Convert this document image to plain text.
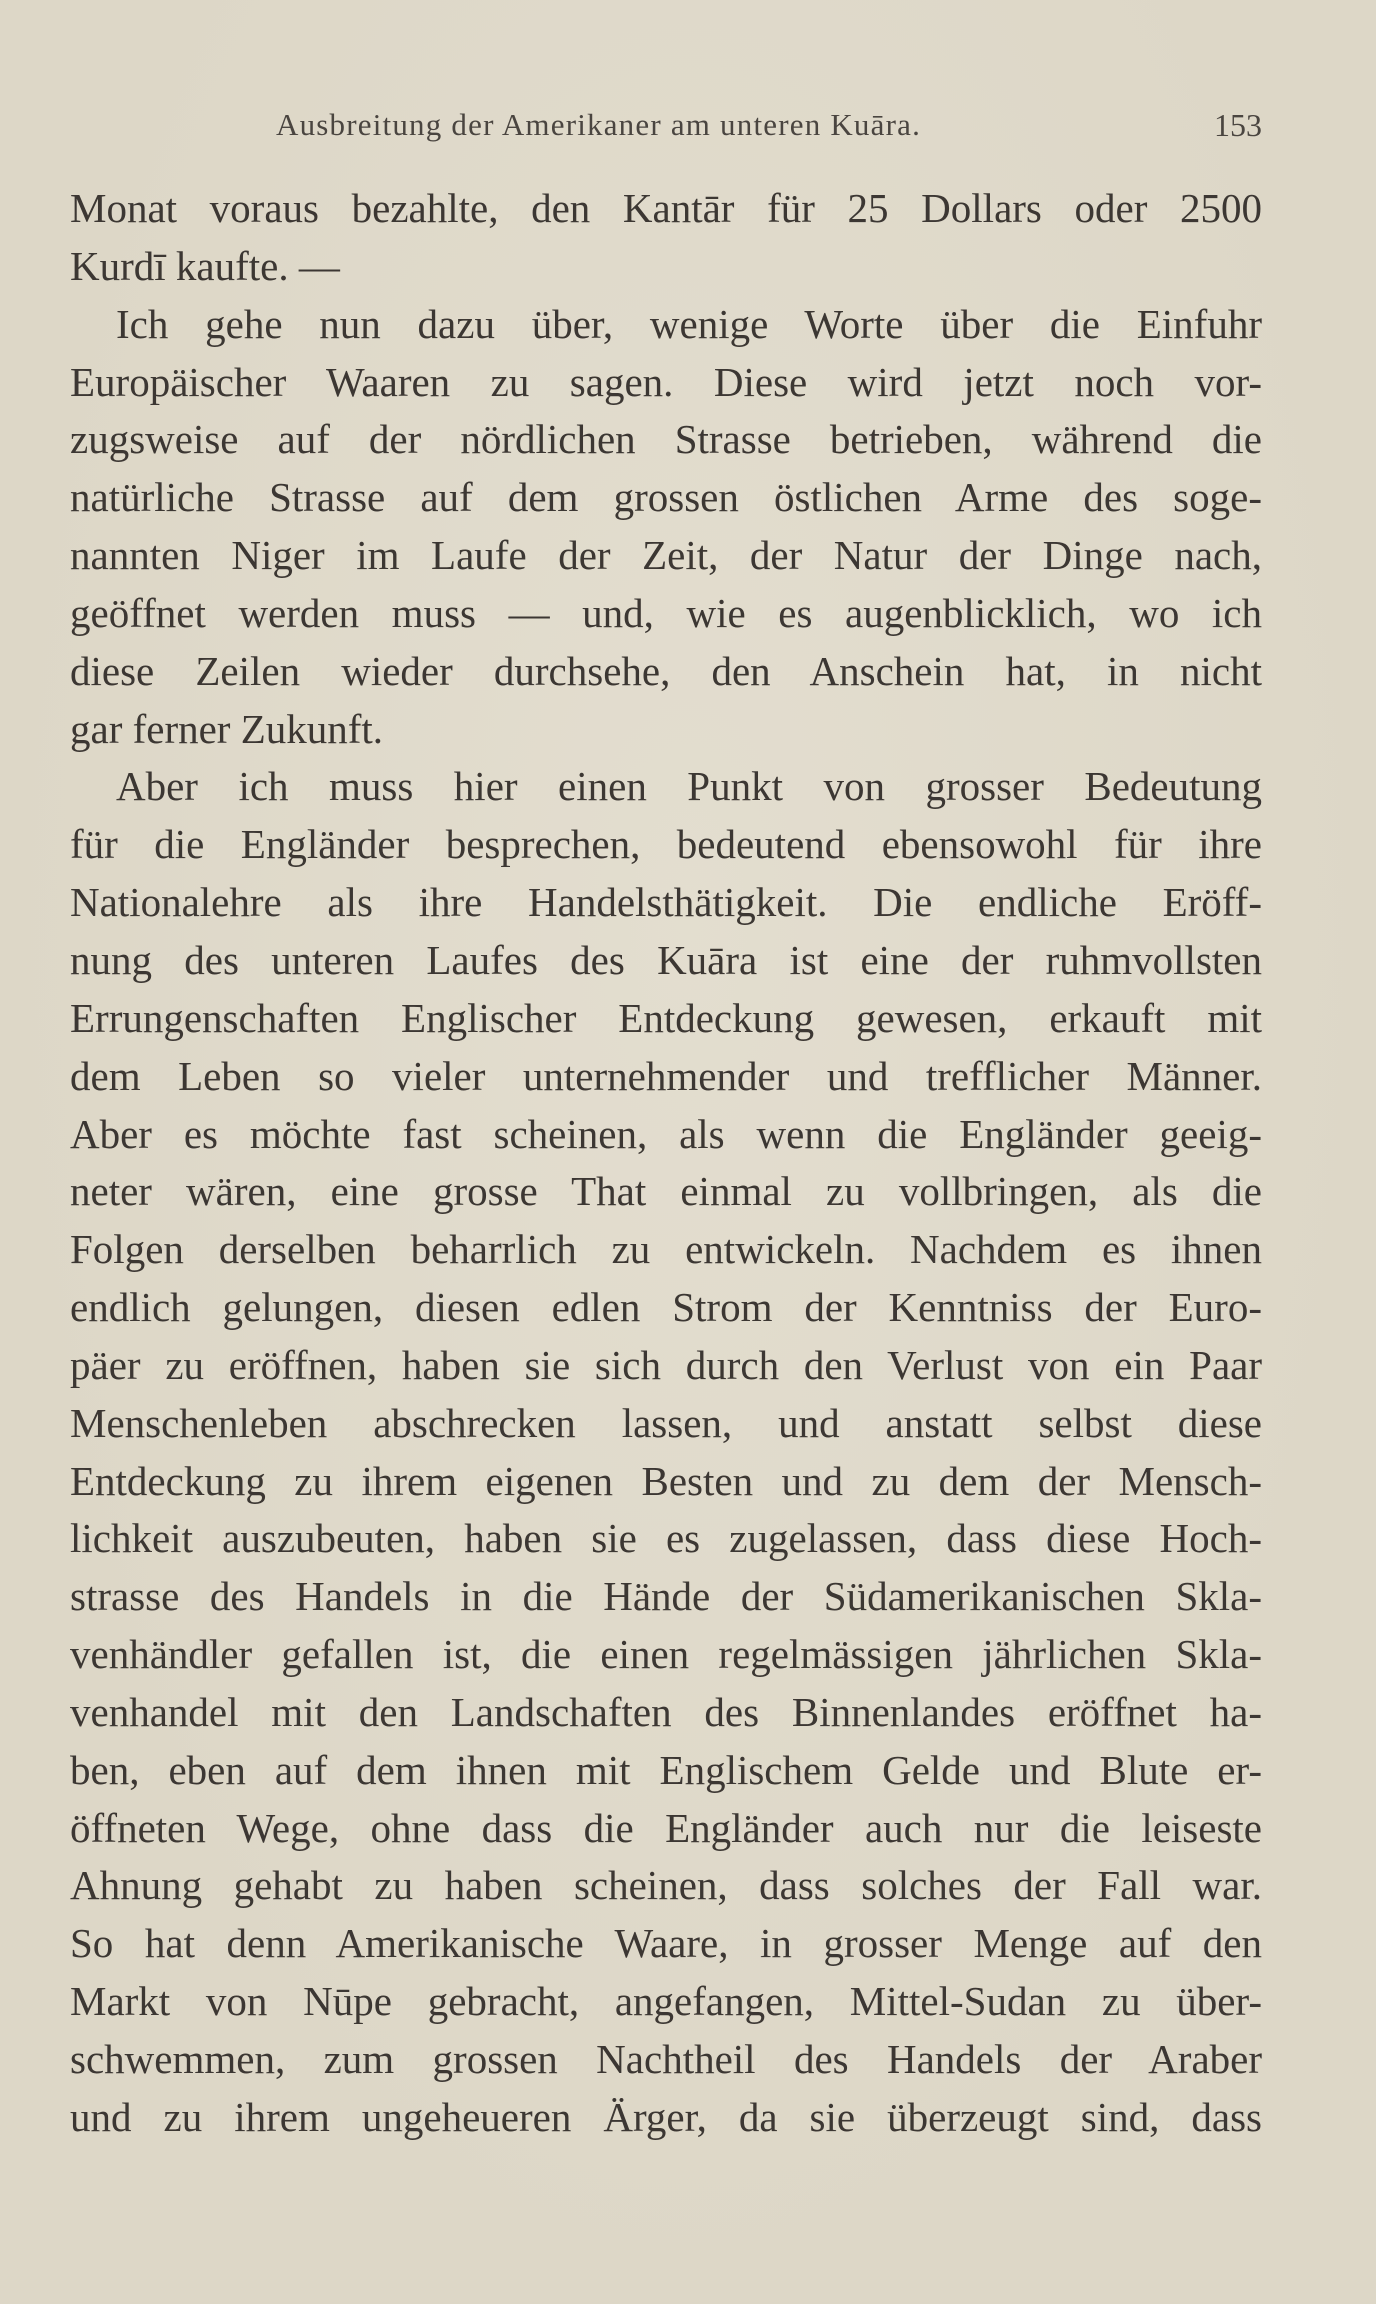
Ausbreitung der Amerikaner am unteren Kuāra.	153
Monat voraus bezahlte, den Kantār für 25 Dollars oder 2500
Kurdī kaufte. —
Ich gehe nun dazu über, wenige Worte über die Einfuhr
Europäischer Waaren zu sagen. Diese wird jetzt noch vor-
zugsweise auf der nördlichen Strasse betrieben, während die
natürliche Strasse auf dem grossen östlichen Arme des soge-
nannten Niger im Laufe der Zeit, der Natur der Dinge nach,
geöffnet werden muss — und, wie es augenblicklich, wo ich
diese Zeilen wieder durchsehe, den Anschein hat, in nicht
gar ferner Zukunft.
Aber ich muss hier einen Punkt von grosser Bedeutung
für die Engländer besprechen, bedeutend ebensowohl für ihre
Nationalehre als ihre Handelsthätigkeit. Die endliche Eröff-
nung des unteren Laufes des Kuāra ist eine der ruhmvollsten
Errungenschaften Englischer Entdeckung gewesen, erkauft mit
dem Leben so vieler unternehmender und trefflicher Männer.
Aber es möchte fast scheinen, als wenn die Engländer geeig-
neter wären, eine grosse That einmal zu vollbringen, als die
Folgen derselben beharrlich zu entwickeln. Nachdem es ihnen
endlich gelungen, diesen edlen Strom der Kenntniss der Euro-
päer zu eröffnen, haben sie sich durch den Verlust von ein Paar
Menschenleben abschrecken lassen, und anstatt selbst diese
Entdeckung zu ihrem eigenen Besten und zu dem der Mensch-
lichkeit auszubeuten, haben sie es zugelassen, dass diese Hoch-
strasse des Handels in die Hände der Südamerikanischen Skla-
venhändler gefallen ist, die einen regelmässigen jährlichen Skla-
venhandel mit den Landschaften des Binnenlandes eröffnet ha-
ben, eben auf dem ihnen mit Englischem Gelde und Blute er-
öffneten Wege, ohne dass die Engländer auch nur die leiseste
Ahnung gehabt zu haben scheinen, dass solches der Fall war.
So hat denn Amerikanische Waare, in grosser Menge auf den
Markt von Nūpe gebracht, angefangen, Mittel-Sudan zu über-
schwemmen, zum grossen Nachtheil des Handels der Araber
und zu ihrem ungeheueren Ärger, da sie überzeugt sind, dass
